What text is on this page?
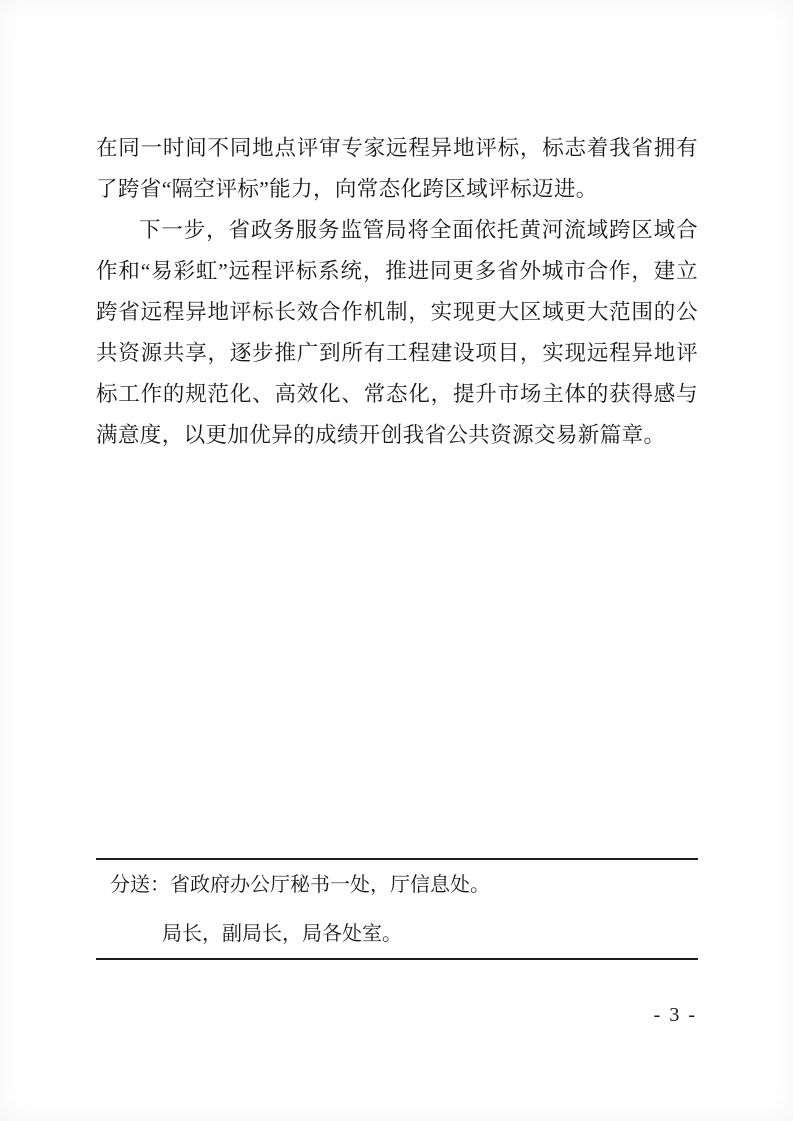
在同一时间不同地点评审专家远程异地评标，标志着我省拥有了跨省“隔空评标”能力，向常态化跨区域评标迈进。

下一步，省政务服务监管局将全面依托黄河流域跨区域合作和“易彩虹”远程评标系统，推进同更多省外城市合作，建立跨省远程异地评标长效合作机制，实现更大区域更大范围的公共资源共享，逐步推广到所有工程建设项目，实现远程异地评标工作的规范化、高效化、常态化，提升市场主体的获得感与满意度，以更加优异的成绩开创我省公共资源交易新篇章。

分送：省政府办公厅秘书一处，厅信息处。
局长，副局长，局各处室。
- 3 -
